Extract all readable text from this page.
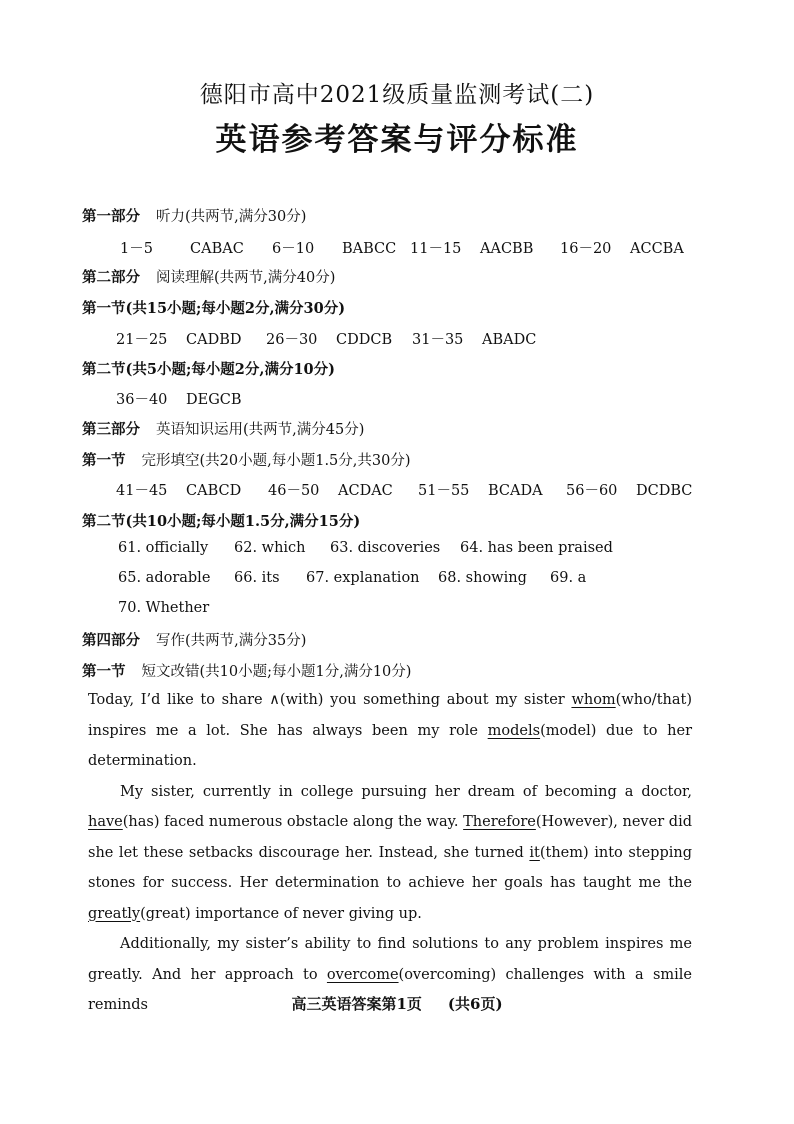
德阳市高中2021级质量监测考试(二)
英语参考答案与评分标准
第一部分 听力(共两节,满分30分)
1－5	CABAC 6－10 BABCC 11－15 AACBB 16－20 ACCBA
第二部分 阅读理解(共两节,满分40分)
第一节(共15小题;每小题2分,满分30分)
21－25 CADBD 26－30 CDDCB 31－35 ABADC
第二节(共5小题;每小题2分,满分10分)
36－40 DEGCB
第三部分 英语知识运用(共两节,满分45分)
第一节 完形填空(共20小题,每小题1.5分,共30分)
41－45 CABCD 46－50 ACDAC 51－55 BCADA 56－60 DCDBC
第二节(共10小题;每小题1.5分,满分15分)
61. officially 62. which 63. discoveries 64. has been praised
65. adorable 66. its 67. explanation 68. showing 69. a
70. Whether
第四部分 写作(共两节,满分35分)
第一节 短文改错(共10小题;每小题1分,满分10分)

Today, I’d like to share ∧(with) you something about my sister whom(who/that) inspires me a lot. She has always been my role models(model) due to her determination.

My sister, currently in college pursuing her dream of becoming a doctor, have(has) faced numerous obstacle along the way. Therefore(However), never did she let these setbacks discourage her. Instead, she turned it(them) into stepping stones for success. Her determination to achieve her goals has taught me the greatly(great) importance of never giving up.

Additionally, my sister’s ability to find solutions to any problem inspires me greatly. And her approach to overcome(overcoming) challenges with a smile reminds	高三英语答案第1页 (共6页)
